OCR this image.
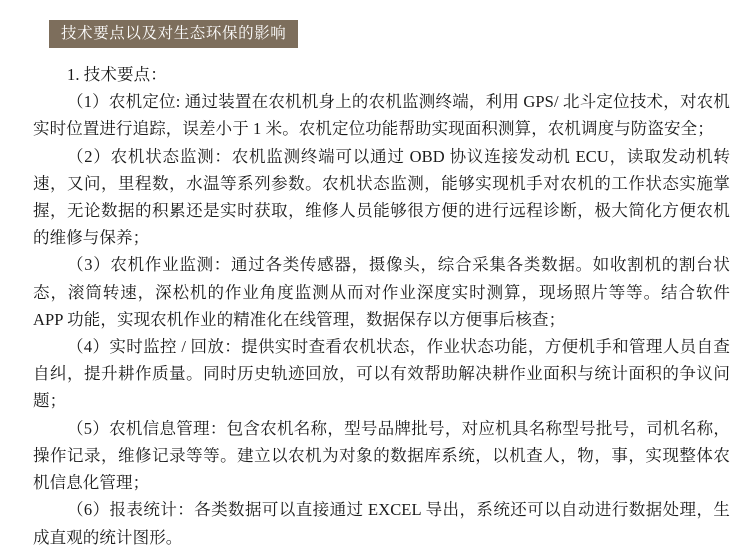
技术要点以及对生态环保的影响

1. 技术要点：

（1）农机定位: 通过装置在农机机身上的农机监测终端，利用 GPS/ 北斗定位技术，对农机实时位置进行追踪，误差小于 1 米。农机定位功能帮助实现面积测算，农机调度与防盗安全；

（2）农机状态监测：农机监测终端可以通过 OBD 协议连接发动机 ECU，读取发动机转速，又问，里程数，水温等系列参数。农机状态监测，能够实现机手对农机的工作状态实施掌握，无论数据的积累还是实时获取，维修人员能够很方便的进行远程诊断，极大简化方便农机的维修与保养；

（3）农机作业监测：通过各类传感器，摄像头，综合采集各类数据。如收割机的割台状态，滚筒转速，深松机的作业角度监测从而对作业深度实时测算，现场照片等等。结合软件 APP 功能，实现农机作业的精准化在线管理，数据保存以方便事后核查；

（4）实时监控 / 回放：提供实时查看农机状态，作业状态功能，方便机手和管理人员自查自纠，提升耕作质量。同时历史轨迹回放，可以有效帮助解决耕作业面积与统计面积的争议问题；

（5）农机信息管理：包含农机名称，型号品牌批号，对应机具名称型号批号，司机名称，操作记录，维修记录等等。建立以农机为对象的数据库系统，以机查人，物，事，实现整体农机信息化管理；

（6）报表统计：各类数据可以直接通过 EXCEL 导出，系统还可以自动进行数据处理，生成直观的统计图形。
